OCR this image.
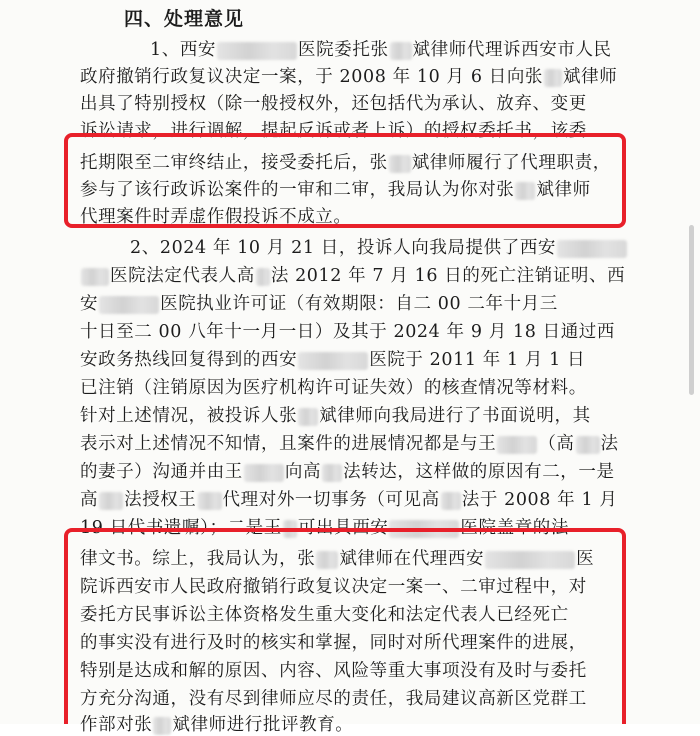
四、处理意见
1、西安	医院委托张 斌律师代理诉西安市人民
政府撤销行政复议决定一案，于 2008 年 10 月 6 日向张 斌律师
出具了特别授权（除一般授权外，还包括代为承认、放弃、变更
诉讼请求，进行调解，提起反诉或者上诉）的授权委托书，该委
托期限至二审终结止，接受委托后，张 斌律师履行了代理职责，
参与了该行政诉讼案件的一审和二审，我局认为你对张 斌律师
代理案件时弄虚作假投诉不成立。
2、2024 年 10 月 21 日，投诉人向我局提供了西安
医院法定代表人高 法 2012 年 7 月 16 日的死亡注销证明、西
安	医院执业许可证（有效期限：自二 00 二年十月三
十日至二 00 八年十一月一日）及其于 2024 年 9 月 18 日通过西
安政务热线回复得到的西安	医院于 2011 年 1 月 1 日
已注销（注销原因为医疗机构许可证失效）的核查情况等材料。
针对上述情况，被投诉人张 斌律师向我局进行了书面说明，其
表示对上述情况不知情，且案件的进展情况都是与王 （高 法
的妻子）沟通并由王 向高 法转达，这样做的原因有二，一是
高 法授权王 代理对外一切事务（可见高 法于 2008 年 1 月
19 日代书遗嘱）；二是王 可出具西安	医院盖章的法
律文书。综上，我局认为，张 斌律师在代理西安	医
院诉西安市人民政府撤销行政复议决定一案一、二审过程中，对
委托方民事诉讼主体资格发生重大变化和法定代表人已经死亡
的事实没有进行及时的核实和掌握，同时对所代理案件的进展，
特别是达成和解的原因、内容、风险等重大事项没有及时与委托
方充分沟通，没有尽到律师应尽的责任，我局建议高新区党群工
作部对张 斌律师进行批评教育。
